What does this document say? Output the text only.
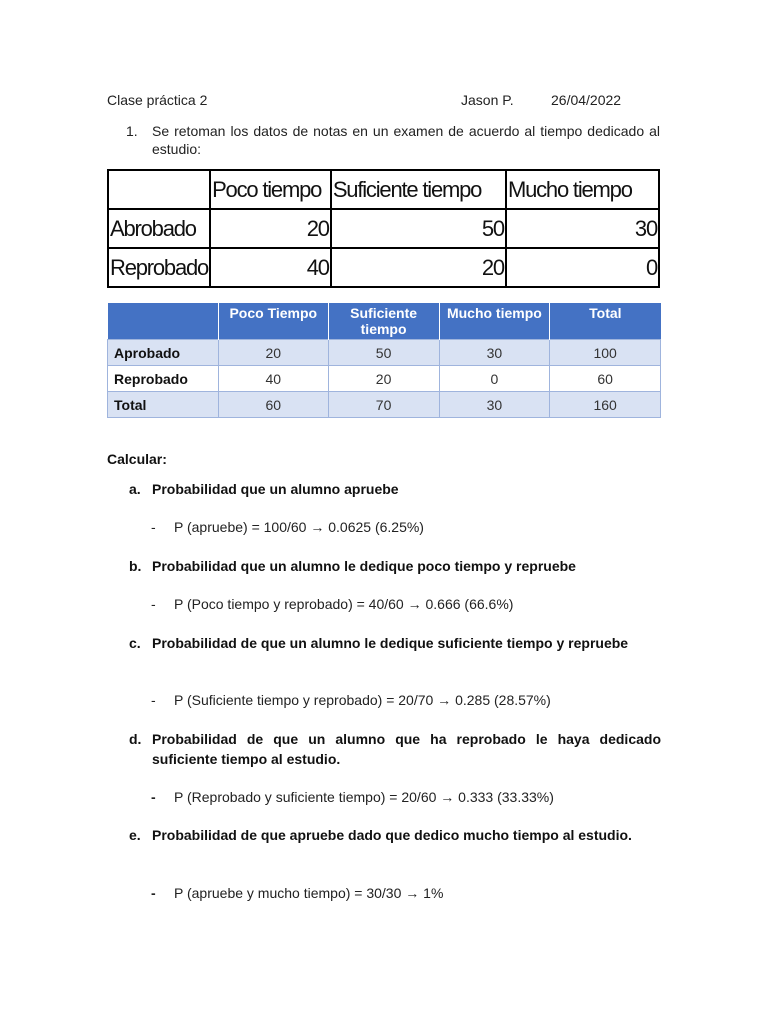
Clase práctica 2	Jason P.	26/04/2022
1. Se retoman los datos de notas en un examen de acuerdo al tiempo dedicado al estudio:
	Poco tiempo	Suficiente tiempo	Mucho tiempo
Abrobado	20	50	30
Reprobado	40	20	0
	Poco Tiempo	Suficiente tiempo	Mucho tiempo	Total
Aprobado	20	50	30	100
Reprobado	40	20	0	60
Total	60	70	30	160
Calcular:
a. Probabilidad que un alumno apruebe
- P (apruebe) = 100/60 → 0.0625 (6.25%)
b. Probabilidad que un alumno le dedique poco tiempo y repruebe
- P (Poco tiempo y reprobado) = 40/60 → 0.666 (66.6%)
c. Probabilidad de que un alumno le dedique suficiente tiempo y repruebe
- P (Suficiente tiempo y reprobado) = 20/70 → 0.285 (28.57%)
d. Probabilidad de que un alumno que ha reprobado le haya dedicado suficiente tiempo al estudio.
- P (Reprobado y suficiente tiempo) = 20/60 → 0.333 (33.33%)
e. Probabilidad de que apruebe dado que dedico mucho tiempo al estudio.
- P (apruebe y mucho tiempo) = 30/30 → 1%
